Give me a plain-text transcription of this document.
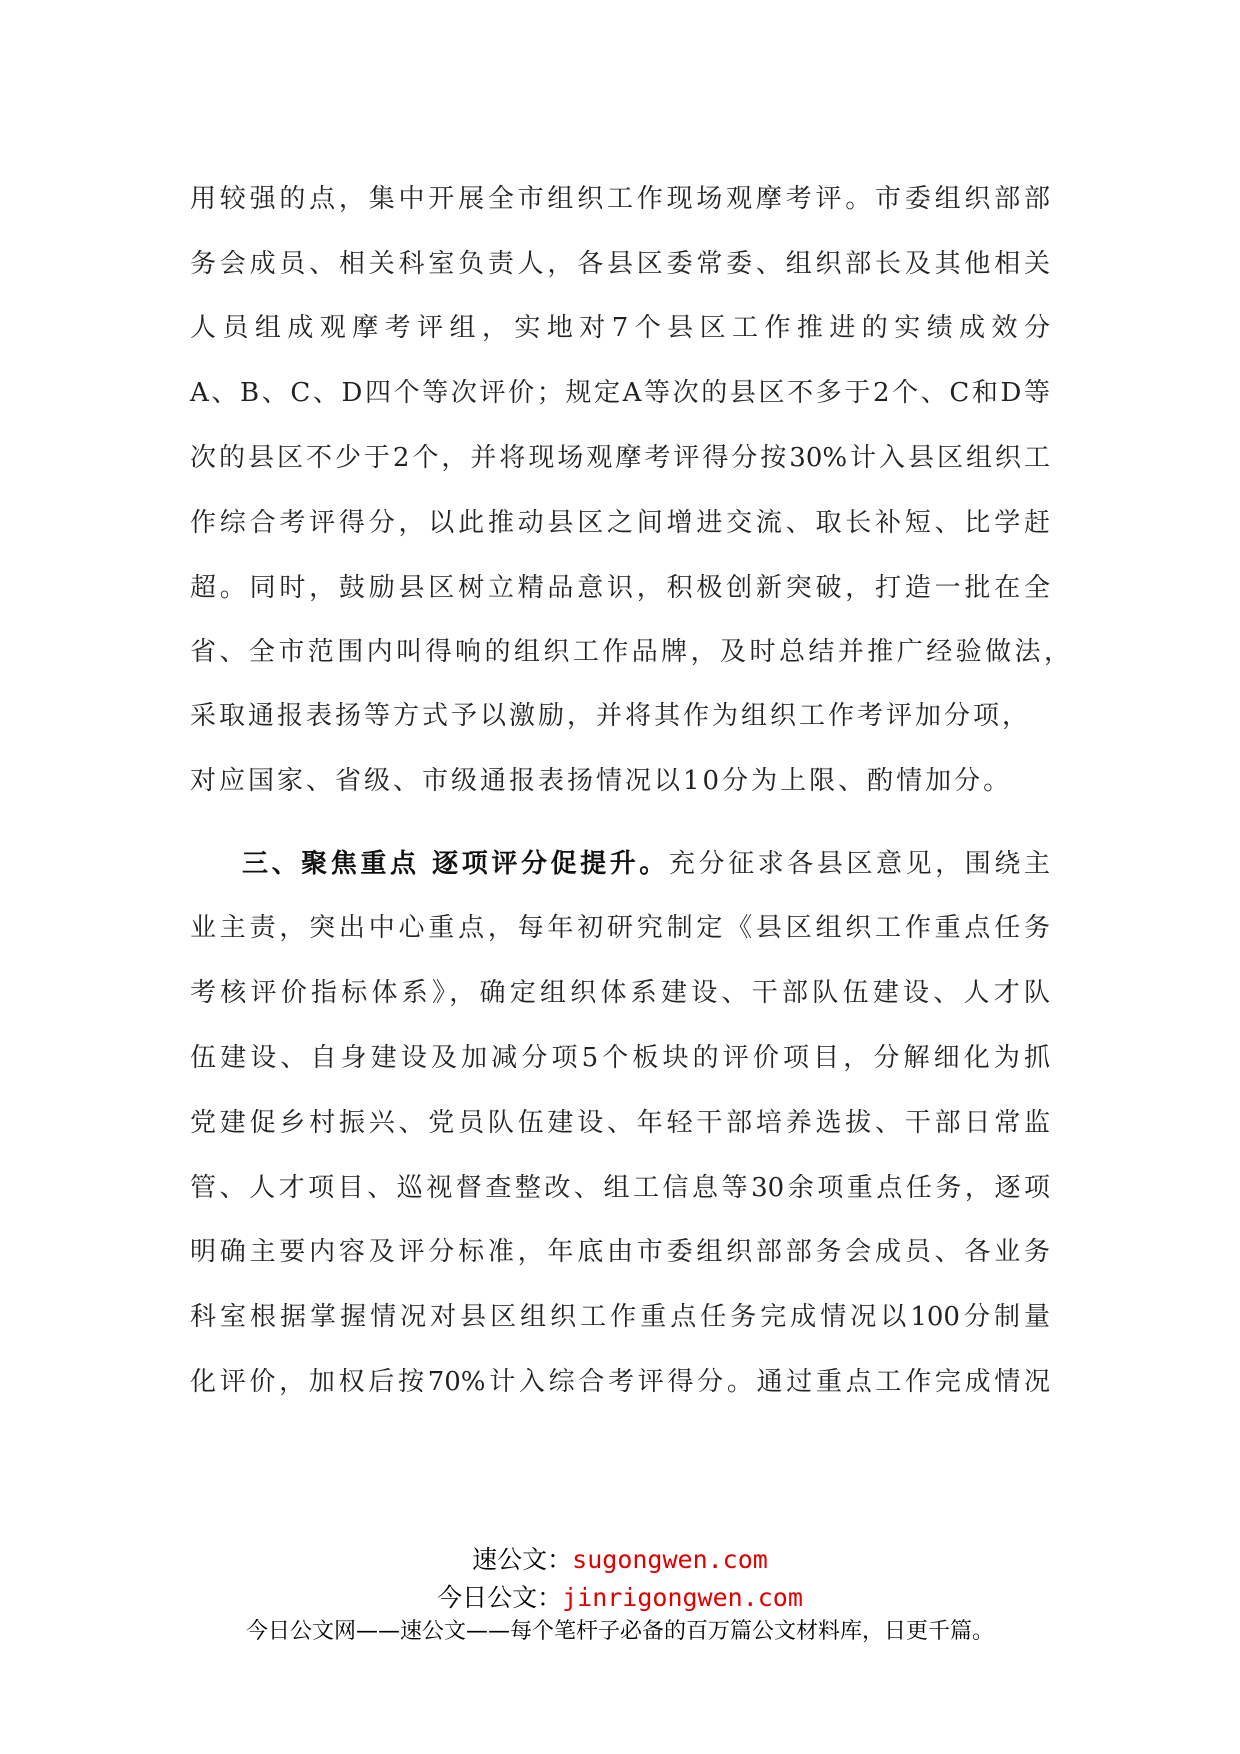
用较强的点，集中开展全市组织工作现场观摩考评。市委组织部部
务会成员、相关科室负责人，各县区委常委、组织部长及其他相关
人员组成观摩考评组，实地对7个县区工作推进的实绩成效分
A、B、C、D四个等次评价；规定A等次的县区不多于2个、C和D等
次的县区不少于2个，并将现场观摩考评得分按30%计入县区组织工
作综合考评得分，以此推动县区之间增进交流、取长补短、比学赶
超。同时，鼓励县区树立精品意识，积极创新突破，打造一批在全
省、全市范围内叫得响的组织工作品牌，及时总结并推广经验做法，
采取通报表扬等方式予以激励，并将其作为组织工作考评加分项，
对应国家、省级、市级通报表扬情况以10分为上限、酌情加分。
三、聚焦重点 逐项评分促提升。充分征求各县区意见，围绕主
业主责，突出中心重点，每年初研究制定《县区组织工作重点任务
考核评价指标体系》，确定组织体系建设、干部队伍建设、人才队
伍建设、自身建设及加减分项5个板块的评价项目，分解细化为抓
党建促乡村振兴、党员队伍建设、年轻干部培养选拔、干部日常监
管、人才项目、巡视督查整改、组工信息等30余项重点任务，逐项
明确主要内容及评分标准，年底由市委组织部部务会成员、各业务
科室根据掌握情况对县区组织工作重点任务完成情况以100分制量
化评价，加权后按70%计入综合考评得分。通过重点工作完成情况
速公文：sugongwen.com
今日公文：jinrigongwen.com
今日公文网——速公文——每个笔杆子必备的百万篇公文材料库，日更千篇。
